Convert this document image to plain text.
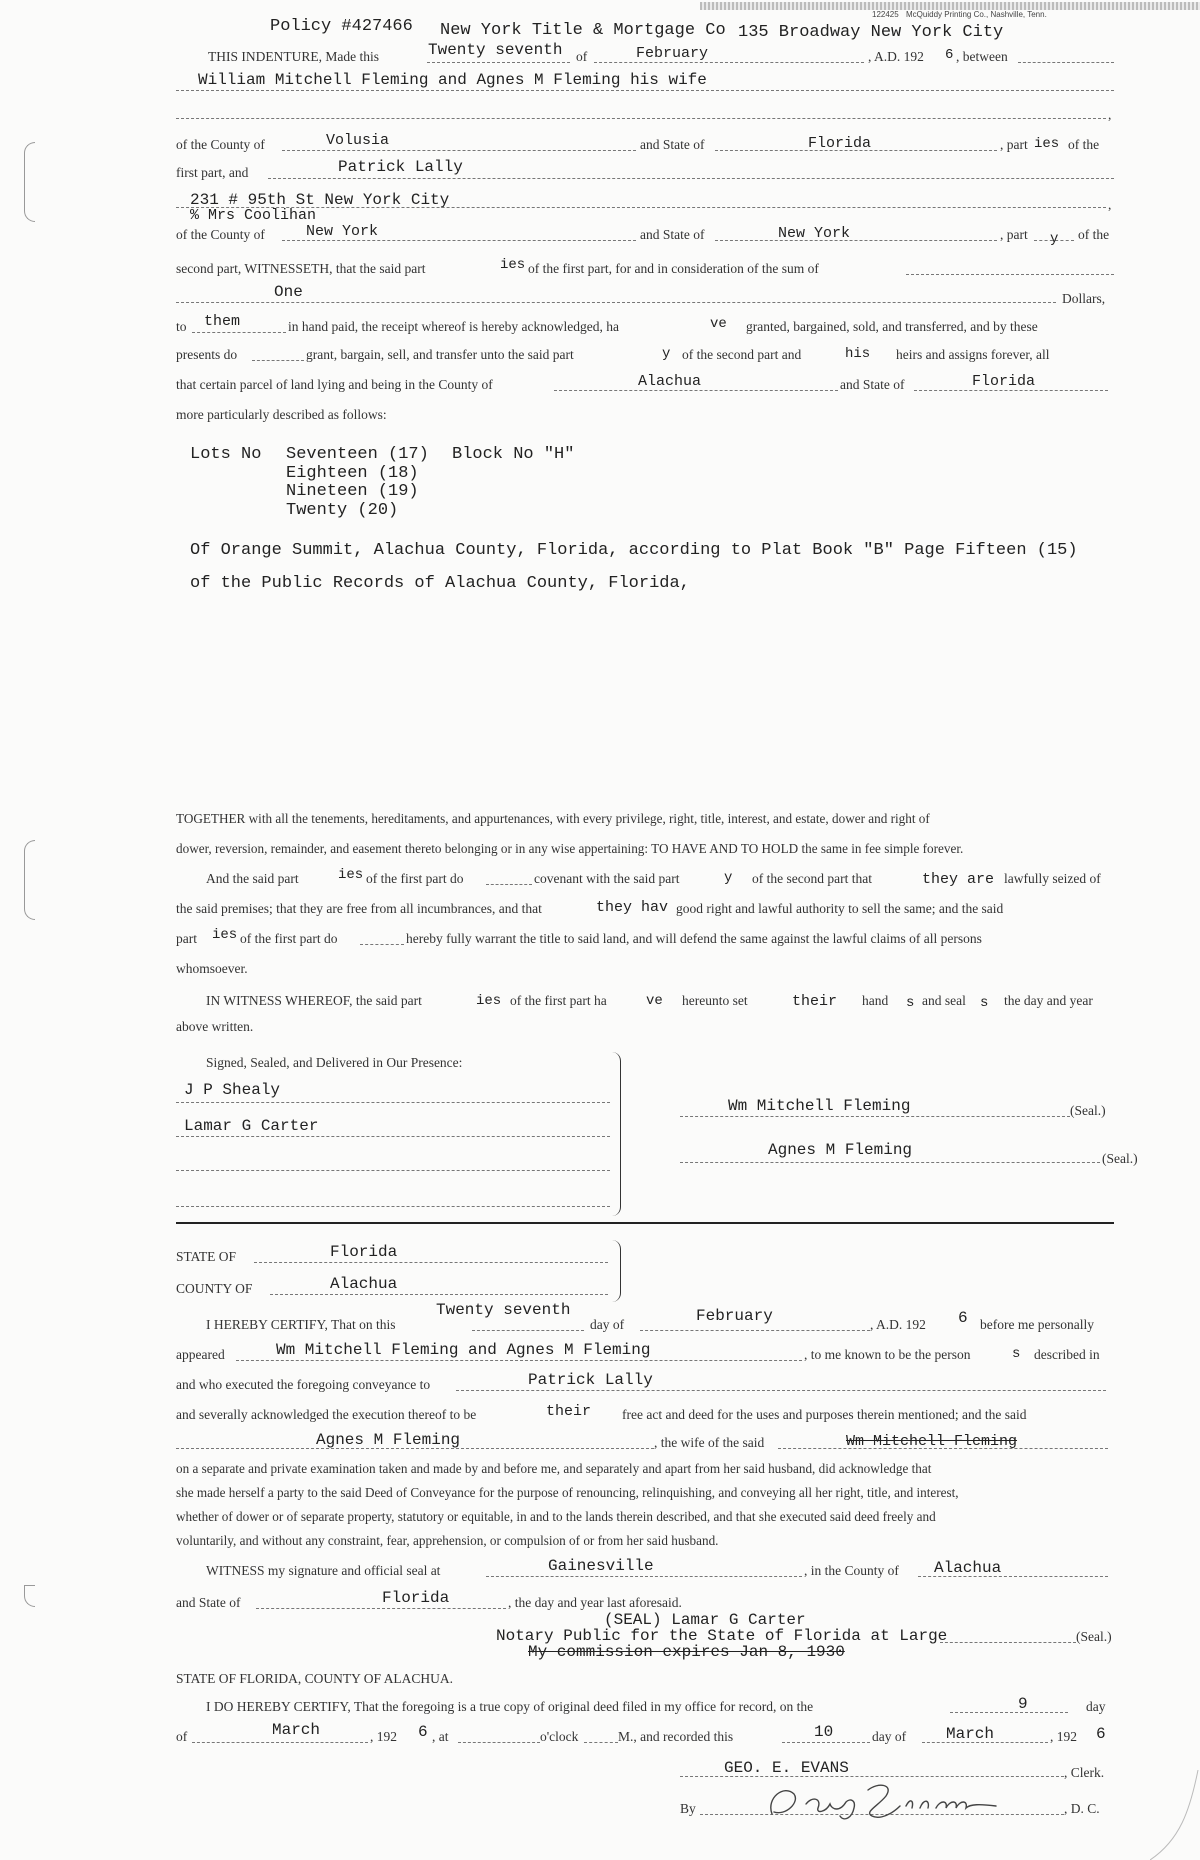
122425 McQuiddy Printing Co., Nashville, Tenn.
Policy #427466 New York Title & Mortgage Co 135 Broadway New York City
THIS INDENTURE, Made this	Twenty seventh of	February	, A.D. 192 6 , between
William Mitchell Fleming and Agnes M Fleming his wife
,
of the County of	Volusia	and State of	Florida	, part ies of the
first part, and	Patrick Lally
231 # 95th St New York City	,
% Mrs Coolihan
of the County of	New York	and State of	New York	, part y of the
second part, WITNESSETH, that the said part	ies of the first part, for and in consideration of the sum of
One	Dollars,
to them	in hand paid, the receipt whereof is hereby acknowledged, ha	ve granted, bargained, sold, and transferred, and by these
presents do	grant, bargain, sell, and transfer unto the said part	y of the second part and	his heirs and assigns forever, all
that certain parcel of land lying and being in the County of	Alachua	and State of	Florida
more particularly described as follows:
Lots No Seventeen (17)
Eighteen (18)
Nineteen (19)
Twenty (20)
Block No "H"
Of Orange Summit, Alachua County, Florida, according to Plat Book "B" Page Fifteen (15)
of the Public Records of Alachua County, Florida,
TOGETHER with all the tenements, hereditaments, and appurtenances, with every privilege, right, title, interest, and estate, dower and right of
dower, reversion, remainder, and easement thereto belonging or in any wise appertaining: TO HAVE AND TO HOLD the same in fee simple forever.
And the said part	ies of the first part do	covenant with the said part	y of the second part that	they are lawfully seized of
the said premises; that they are free from all incumbrances, and that	they hav good right and lawful authority to sell the same; and the said
part ies of the first part do	hereby fully warrant the title to said land, and will defend the same against the lawful claims of all persons
whomsoever.
IN WITNESS WHEREOF, the said part	ies of the first part ha	ve hereunto set	their hand s and seal s the day and year
above written.
Signed, Sealed, and Delivered in Our Presence:
J P Shealy
Lamar G Carter
Wm Mitchell Fleming	(Seal.)
Agnes M Fleming	(Seal.)
STATE OF	Florida
COUNTY OF	Alachua
I HEREBY CERTIFY, That on this
Twenty seventh
day of	February	, A.D. 192 6 before me personally
appeared	Wm Mitchell Fleming and Agnes M Fleming	, to me known to be the person	s described in
and who executed the foregoing conveyance to	Patrick Lally
and severally acknowledged the execution thereof to be	their free act and deed for the uses and purposes therein mentioned; and the said
Agnes M Fleming	, the wife of the said	Wm Mitchell Fleming
on a separate and private examination taken and made by and before me, and separately and apart from her said husband, did acknowledge that
she made herself a party to the said Deed of Conveyance for the purpose of renouncing, relinquishing, and conveying all her right, title, and interest,
whether of dower or of separate property, statutory or equitable, in and to the lands therein described, and that she executed said deed freely and
voluntarily, and without any constraint, fear, apprehension, or compulsion of or from her said husband.
WITNESS my signature and official seal at	Gainesville	, in the County of Alachua
and State of	Florida	, the day and year last aforesaid.
(SEAL) Lamar G Carter
Notary Public for the State of Florida at Large	(Seal.)
My commission expires Jan 8, 1930
STATE OF FLORIDA, COUNTY OF ALACHUA.
I DO HEREBY CERTIFY, That the foregoing is a true copy of original deed filed in my office for record, on the	9	day
of	March	, 192 6 , at	o'clock	M., and recorded this	10	day of March	, 192 6
GEO. E. EVANS	, Clerk.
By	, D. C.
